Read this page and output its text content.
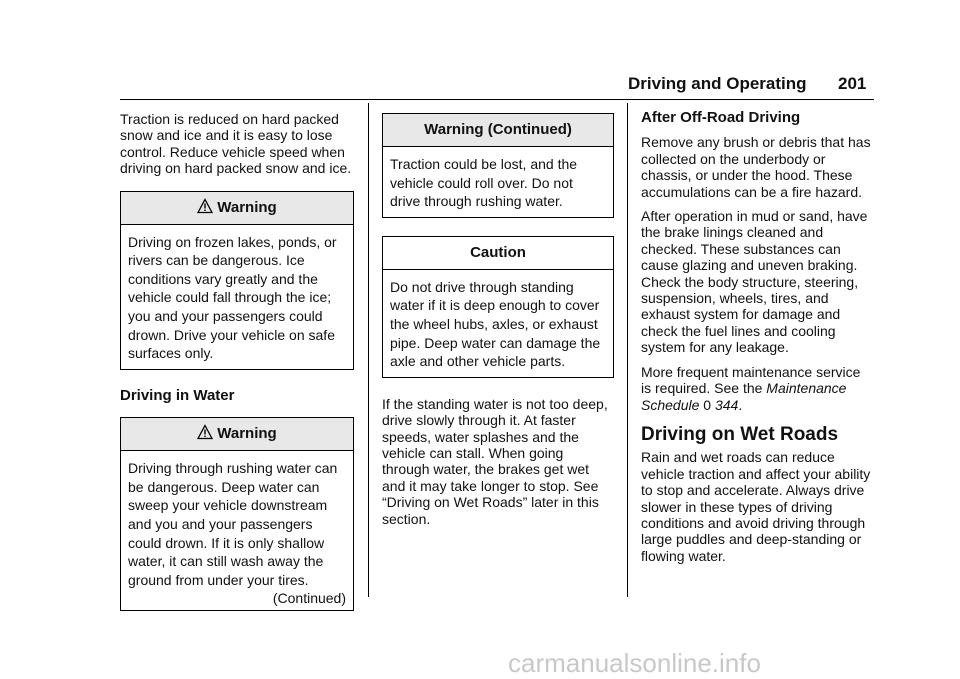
Driving and Operating 201

Traction is reduced on hard packed snow and ice and it is easy to lose control. Reduce vehicle speed when driving on hard packed snow and ice.

Warning
Driving on frozen lakes, ponds, or rivers can be dangerous. Ice conditions vary greatly and the vehicle could fall through the ice; you and your passengers could drown. Drive your vehicle on safe surfaces only.
Driving in Water
Warning
Driving through rushing water can be dangerous. Deep water can sweep your vehicle downstream and you and your passengers could drown. If it is only shallow water, it can still wash away the ground from under your tires.
(Continued)
Warning (Continued)
Traction could be lost, and the vehicle could roll over. Do not drive through rushing water.
Caution
Do not drive through standing water if it is deep enough to cover the wheel hubs, axles, or exhaust pipe. Deep water can damage the axle and other vehicle parts.

If the standing water is not too deep, drive slowly through it. At faster speeds, water splashes and the vehicle can stall. When going through water, the brakes get wet and it may take longer to stop. See “Driving on Wet Roads” later in this section.

After Off-Road Driving

Remove any brush or debris that has collected on the underbody or chassis, or under the hood. These accumulations can be a fire hazard.

After operation in mud or sand, have the brake linings cleaned and checked. These substances can cause glazing and uneven braking. Check the body structure, steering, suspension, wheels, tires, and exhaust system for damage and check the fuel lines and cooling system for any leakage.

More frequent maintenance service is required. See the Maintenance Schedule 0 344.

Driving on Wet Roads

Rain and wet roads can reduce vehicle traction and affect your ability to stop and accelerate. Always drive slower in these types of driving conditions and avoid driving through large puddles and deep-standing or flowing water.

carmanualsonline.info
